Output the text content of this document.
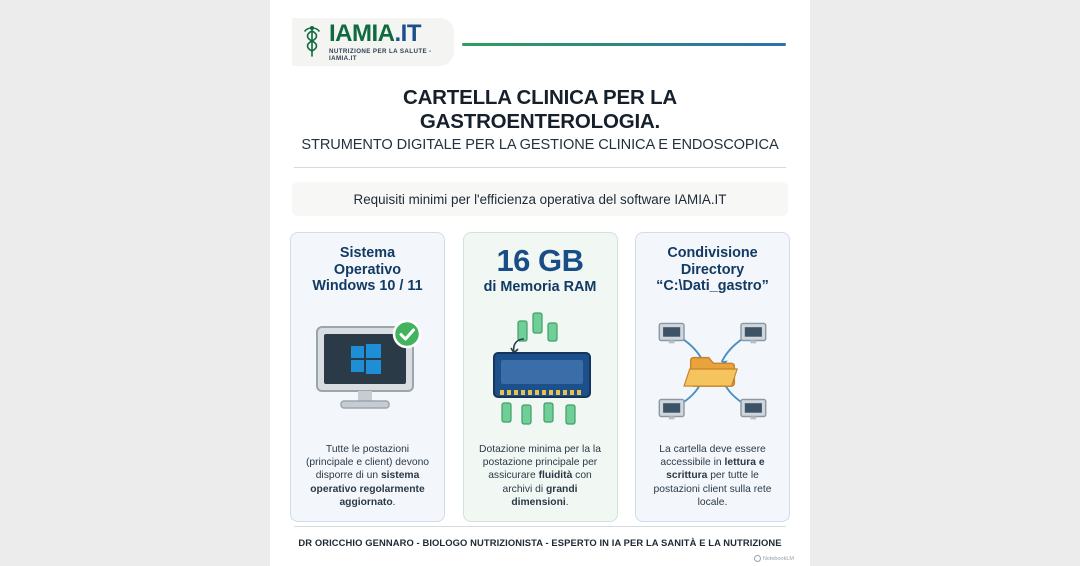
IAMIA.IT
NUTRIZIONE PER LA SALUTE - IAMIA.IT
CARTELLA CLINICA PER LA GASTROENTEROLOGIA.
STRUMENTO DIGITALE PER LA GESTIONE CLINICA E ENDOSCOPICA
Requisiti minimi per l'efficienza operativa del software IAMIA.IT
Sistema
Operativo
Windows 10 / 11
Tutte le postazioni (principale e client) devono disporre di un sistema operativo regolarmente aggiornato.
16 GB
di Memoria RAM
Dotazione minima per la la postazione principale per assicurare fluidità con archivi di grandi dimensioni.
Condivisione
Directory
“C:\Dati_gastro”
La cartella deve essere accessibile in lettura e scrittura per tutte le postazioni client sulla rete locale.
DR ORICCHIO GENNARO - BIOLOGO NUTRIZIONISTA - ESPERTO IN IA PER LA SANITÀ E LA NUTRIZIONE
NotebookLM
